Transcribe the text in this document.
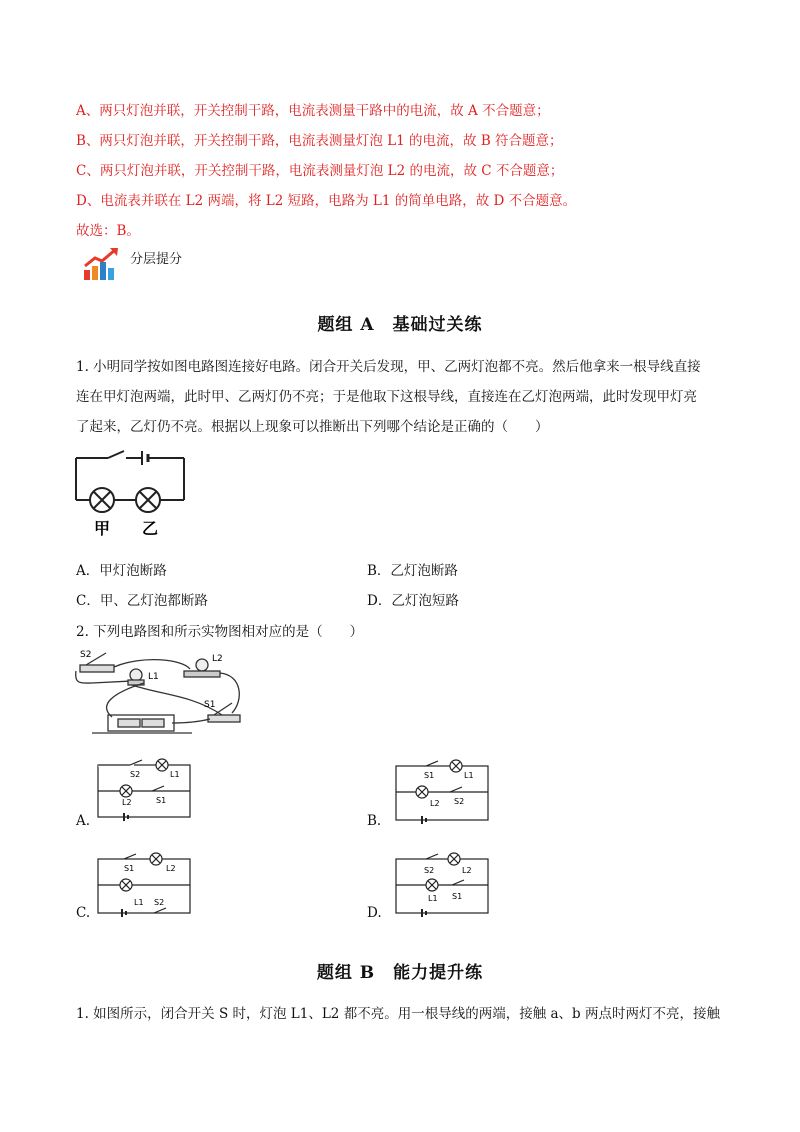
A、两只灯泡并联，开关控制干路，电流表测量干路中的电流，故 A 不合题意；
B、两只灯泡并联，开关控制干路，电流表测量灯泡 L1 的电流，故 B 符合题意；
C、两只灯泡并联，开关控制干路，电流表测量灯泡 L2 的电流，故 C 不合题意；
D、电流表并联在 L2 两端，将 L2 短路，电路为 L1 的简单电路，故 D 不合题意。
故选：B。
分层提分
题组 A　基础过关练
1. 小明同学按如图电路图连接好电路。闭合开关后发现，甲、乙两灯泡都不亮。然后他拿来一根导线直接
连在甲灯泡两端，此时甲、乙两灯仍不亮；于是他取下这根导线，直接连在乙灯泡两端，此时发现甲灯亮
了起来，乙灯仍不亮。根据以上现象可以推断出下列哪个结论是正确的（　　）
甲 乙
A．甲灯泡断路	B．乙灯泡断路
C．甲、乙灯泡都断路	D．乙灯泡短路
2. 下列电路图和所示实物图相对应的是（　　）
S2	L2
L1
S1
A.
S2	L1
L2	S1
B.
S1	L1
L2 S2
C.
S1	L2
L1 S2
D.
S2	L2
L1 S1
题组 B　能力提升练
1. 如图所示，闭合开关 S 时，灯泡 L1、L2 都不亮。用一根导线的两端，接触 a、b 两点时两灯不亮，接触
